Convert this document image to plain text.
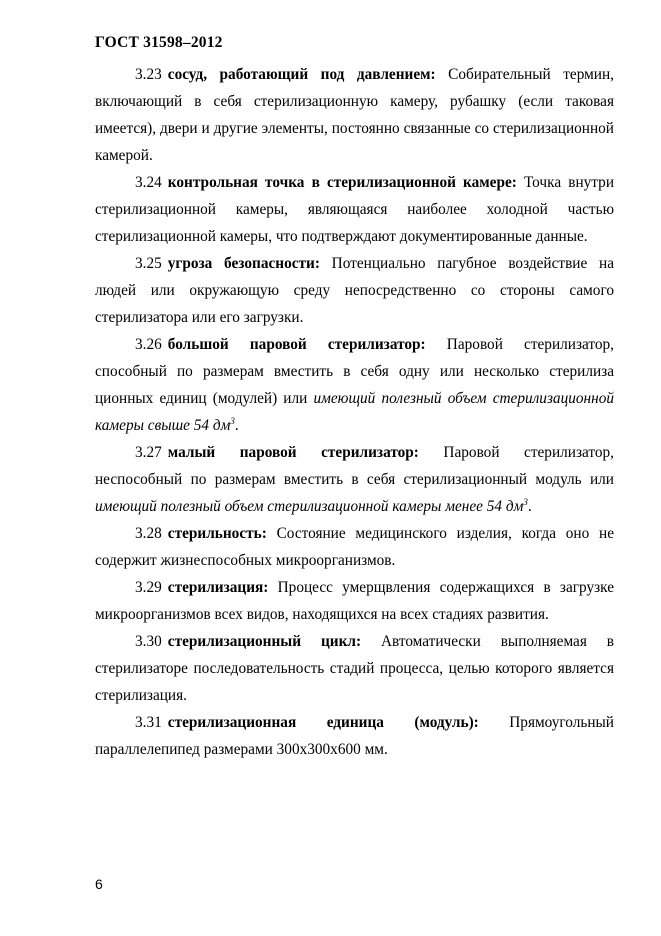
ГОСТ 31598–2012

3.23 сосуд, работающий под давлением: Собирательный термин, включающий в себя стерилизационную камеру, рубашку (если таковая имеется), двери и другие элементы, постоянно связанные со стерилизационной камерой.

3.24 контрольная точка в стерилизационной камере: Точка внутри стерилизационной камеры, являющаяся наиболее холодной частью стерилизационной камеры, что подтверждают документированные данные.

3.25 угроза безопасности: Потенциально пагубное воздействие на людей или окружающую среду непосредственно со стороны самого стерилизатора или его загрузки.

3.26 большой паровой стерилизатор: Паровой стерилизатор, способный по размерам вместить в себя одну или несколько стерилиза ционных единиц (модулей) или имеющий полезный объем стерилизационной камеры свыше 54 $дм^3$.

3.27 малый паровой стерилизатор: Паровой стерилизатор, неспособный по размерам вместить в себя стерилизационный модуль или имеющий полезный объем стерилизационной камеры менее 54 $дм^3$.

3.28 стерильность: Состояние медицинского изделия, когда оно не содержит жизнеспособных микроорганизмов.

3.29 стерилизация: Процесс умерщвления содержащихся в загрузке микроорганизмов всех видов, находящихся на всех стадиях развития.

3.30 стерилизационный цикл: Автоматически выполняемая в стерилизаторе последовательность стадий процесса, целью которого является стерилизация.

3.31 стерилизационная единица (модуль): Прямоугольный параллелепипед размерами 300x300x600 мм.

6
